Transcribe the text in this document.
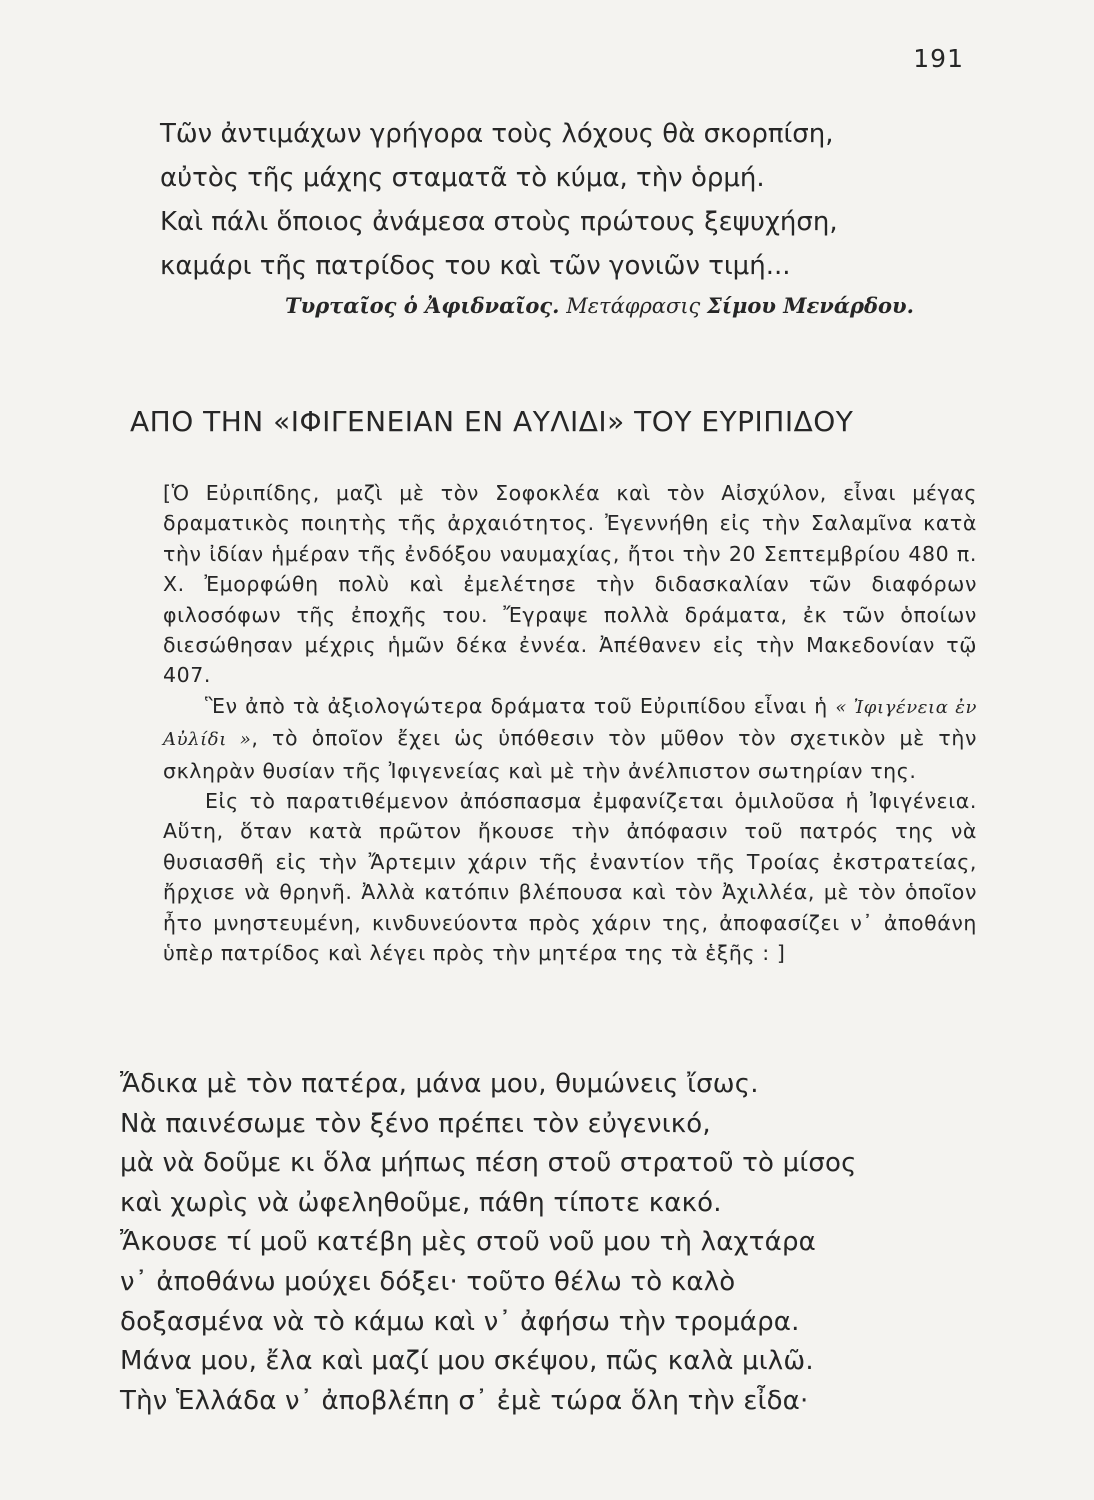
191
Τῶν ἀντιμάχων γρήγορα τοὺς λόχους θὰ σκορπίση,
αὐτὸς τῆς μάχης σταματᾶ τὸ κύμα, τὴν ὁρμή.
Καὶ πάλι ὅποιος ἀνάμεσα στοὺς πρώτους ξεψυχήση,
καμάρι τῆς πατρίδος του καὶ τῶν γονιῶν τιμή...
Τυρταῖος ὁ Ἀφιδναῖος. Μετάφρασις Σίμου Μενάρδου.
ΑΠΟ ΤΗΝ «ΙΦΙΓΕΝΕΙΑΝ ΕΝ ΑΥΛΙΔΙ» ΤΟΥ ΕΥΡΙΠΙΔΟΥ

[Ὁ Εὐριπίδης, μαζὶ μὲ τὸν Σοφοκλέα καὶ τὸν Αἰσχύλον, εἶναι μέγας δραματικὸς ποιητὴς τῆς ἀρχαιότητος. Ἐγεννήθη εἰς τὴν Σαλαμῖνα κατὰ τὴν ἰδίαν ἡμέραν τῆς ἐνδόξου ναυμαχίας, ἤτοι τὴν 20 Σεπτεμβρίου 480 π. Χ. Ἐμορφώθη πολὺ καὶ ἐμελέτησε τὴν διδασκαλίαν τῶν διαφόρων φιλοσόφων τῆς ἐποχῆς του. Ἔγραψε πολλὰ δράματα, ἐκ τῶν ὁποίων διεσώθησαν μέχρις ἡμῶν δέκα ἐννέα. Ἀπέθανεν εἰς τὴν Μακεδονίαν τῷ 407.

Ἓν ἀπὸ τὰ ἀξιολογώτερα δράματα τοῦ Εὐριπίδου εἶναι ἡ « Ἰφιγένεια ἐν Αὐλίδι », τὸ ὁποῖον ἔχει ὡς ὑπόθεσιν τὸν μῦθον τὸν σχετικὸν μὲ τὴν σκληρὰν θυσίαν τῆς Ἰφιγενείας καὶ μὲ τὴν ἀνέλπιστον σωτηρίαν της.

Εἰς τὸ παρατιθέμενον ἀπόσπασμα ἐμφανίζεται ὁμιλοῦσα ἡ Ἰφιγένεια. Αὕτη, ὅταν κατὰ πρῶτον ἤκουσε τὴν ἀπόφασιν τοῦ πατρός της νὰ θυσιασθῆ εἰς τὴν Ἄρτεμιν χάριν τῆς ἐναντίον τῆς Τροίας ἐκστρατείας, ἤρχισε νὰ θρηνῆ. Ἀλλὰ κατόπιν βλέπουσα καὶ τὸν Ἀχιλλέα, μὲ τὸν ὁποῖον ἦτο μνηστευμένη, κινδυνεύοντα πρὸς χάριν της, ἀποφασίζει ν᾽ ἀποθάνη ὑπὲρ πατρίδος καὶ λέγει πρὸς τὴν μητέρα της τὰ ἑξῆς : ]

Ἄδικα μὲ τὸν πατέρα, μάνα μου, θυμώνεις ἴσως.
Νὰ παινέσωμε τὸν ξένο πρέπει τὸν εὐγενικό,
μὰ νὰ δοῦμε κι ὅλα μήπως πέση στοῦ στρατοῦ τὸ μίσος
καὶ χωρὶς νὰ ὠφεληθοῦμε, πάθη τίποτε κακό.
Ἄκουσε τί μοῦ κατέβη μὲς στοῦ νοῦ μου τὴ λαχτάρα
ν᾽ ἀποθάνω μούχει δόξει· τοῦτο θέλω τὸ καλὸ
δοξασμένα νὰ τὸ κάμω καὶ ν᾽ ἀφήσω τὴν τρομάρα.
Μάνα μου, ἔλα καὶ μαζί μου σκέψου, πῶς καλὰ μιλῶ.
Τὴν Ἑλλάδα ν᾽ ἀποβλέπη σ᾽ ἐμὲ τώρα ὅλη τὴν εἶδα·
